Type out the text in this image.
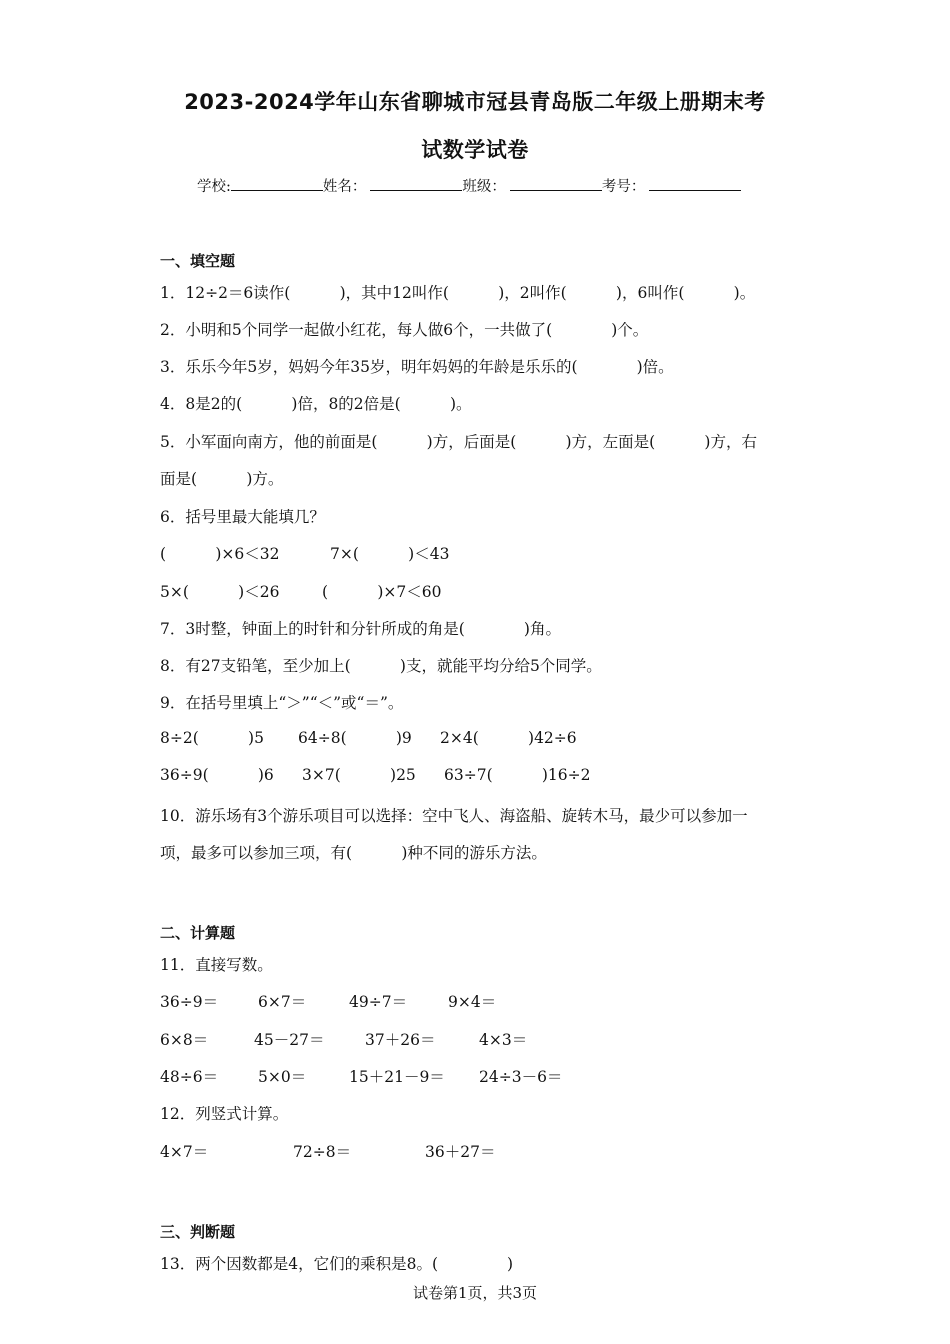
2023-2024学年山东省聊城市冠县青岛版二年级上册期末考
试数学试卷
学校:	姓名：	班级：	考号：
一、填空题
1．12÷2＝6读作(          )，其中12叫作(          )，2叫作(          )，6叫作(          )。
2．小明和5个同学一起做小红花，每人做6个，一共做了(            )个。
3．乐乐今年5岁，妈妈今年35岁，明年妈妈的年龄是乐乐的(            )倍。
4．8是2的(          )倍，8的2倍是(          )。
5．小军面向南方，他的前面是(          )方，后面是(          )方，左面是(          )方，右
面是(          )方。
6．括号里最大能填几？
(          )×6＜32	7×(          )＜43
5×(          )＜26	(          )×7＜60
7．3时整，钟面上的时针和分针所成的角是(            )角。
8．有27支铅笔，至少加上(          )支，就能平均分给5个同学。
9．在括号里填上“＞”“＜”或“＝”。
8÷2(          )5 64÷8(          )9 2×4(          )42÷6
36÷9(          )6 3×7(          )25 63÷7(          )16÷2
10．游乐场有3个游乐项目可以选择：空中飞人、海盗船、旋转木马，最少可以参加一
项，最多可以参加三项，有(          )种不同的游乐方法。
二、计算题
11．直接写数。
36÷9＝	6×7＝	49÷7＝	9×4＝
6×8＝	45－27＝	37＋26＝	4×3＝
48÷6＝	5×0＝	15＋21－9＝ 24÷3－6＝
12．列竖式计算。
4×7＝	72÷8＝	36＋27＝
三、判断题
13．两个因数都是4，它们的乘积是8。(              )
试卷第1页，共3页
